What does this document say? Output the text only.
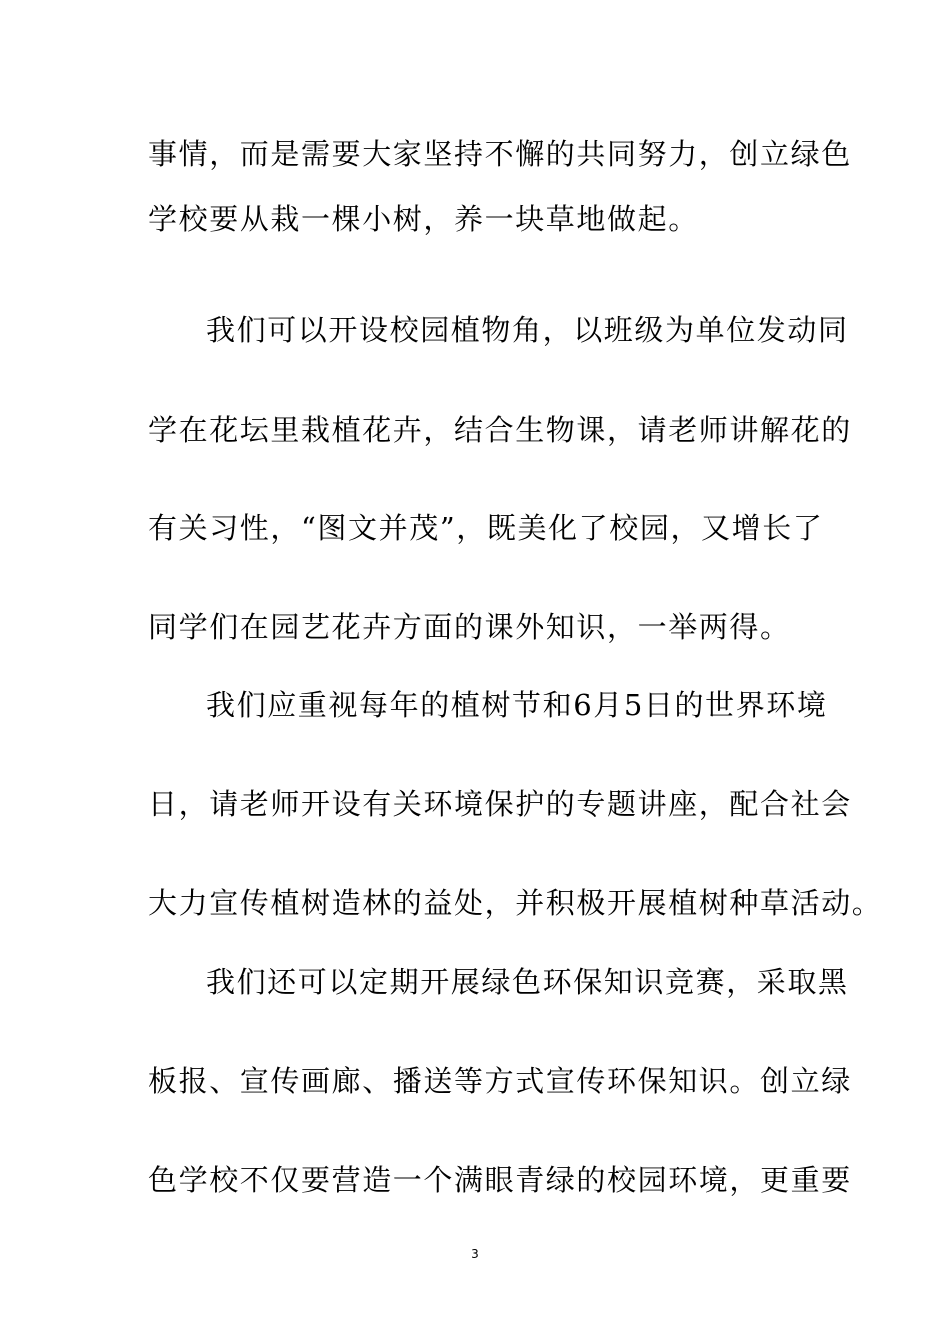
事情，而是需要大家坚持不懈的共同努力，创立绿色
学校要从栽一棵小树，养一块草地做起。
我们可以开设校园植物角，以班级为单位发动同
学在花坛里栽植花卉，结合生物课，请老师讲解花的
有关习性，“图文并茂”，既美化了校园，又增长了
同学们在园艺花卉方面的课外知识，一举两得。
我们应重视每年的植树节和6月5日的世界环境
日，请老师开设有关环境保护的专题讲座，配合社会
大力宣传植树造林的益处，并积极开展植树种草活动。
我们还可以定期开展绿色环保知识竞赛，采取黑
板报、宣传画廊、播送等方式宣传环保知识。创立绿
色学校不仅要营造一个满眼青绿的校园环境，更重要
3
